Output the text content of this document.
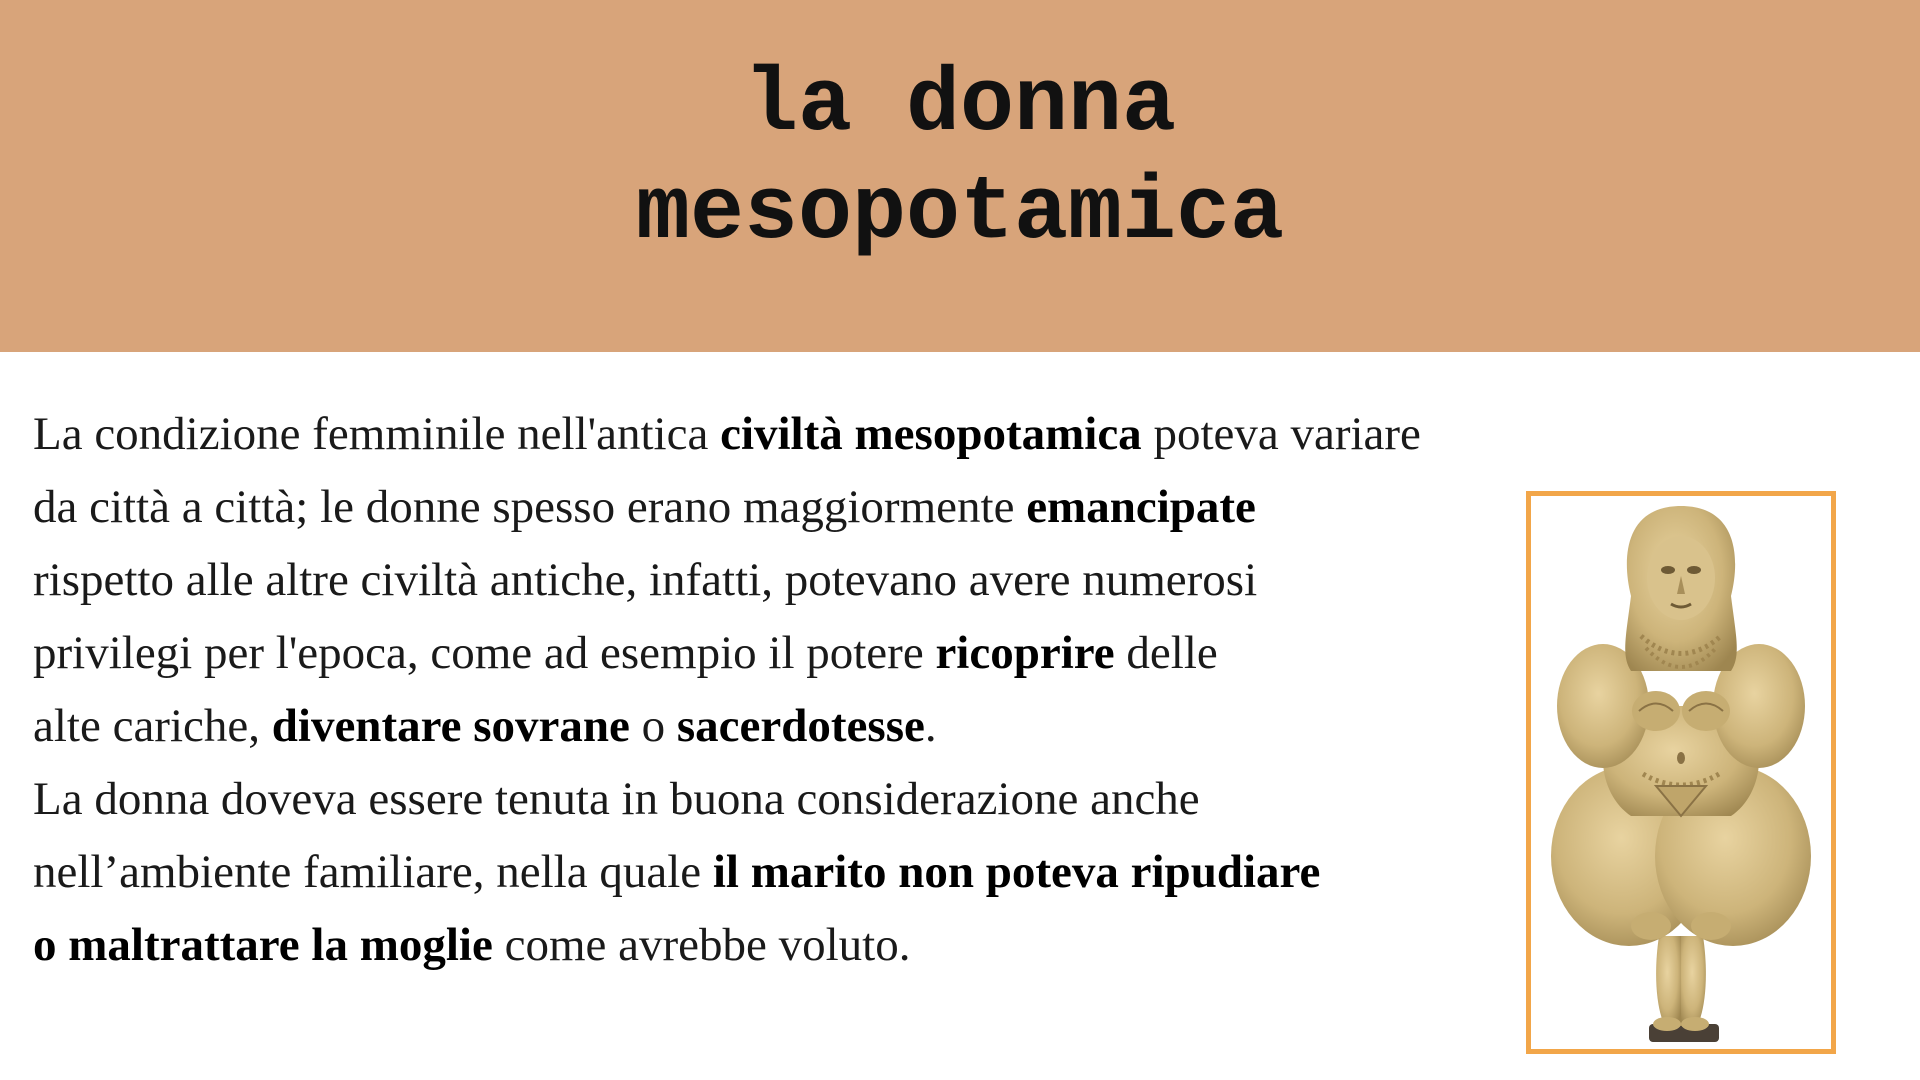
la donna
mesopotamica

La condizione femminile nell'antica civiltà mesopotamica poteva variare
da città a città; le donne spesso erano maggiormente emancipate
rispetto alle altre civiltà antiche, infatti, potevano avere numerosi
privilegi per l'epoca, come ad esempio il potere ricoprire delle
alte cariche, diventare sovrane o sacerdotesse.
La donna doveva essere tenuta in buona considerazione anche
nell’ambiente familiare, nella quale il marito non poteva ripudiare
o maltrattare la moglie come avrebbe voluto.
